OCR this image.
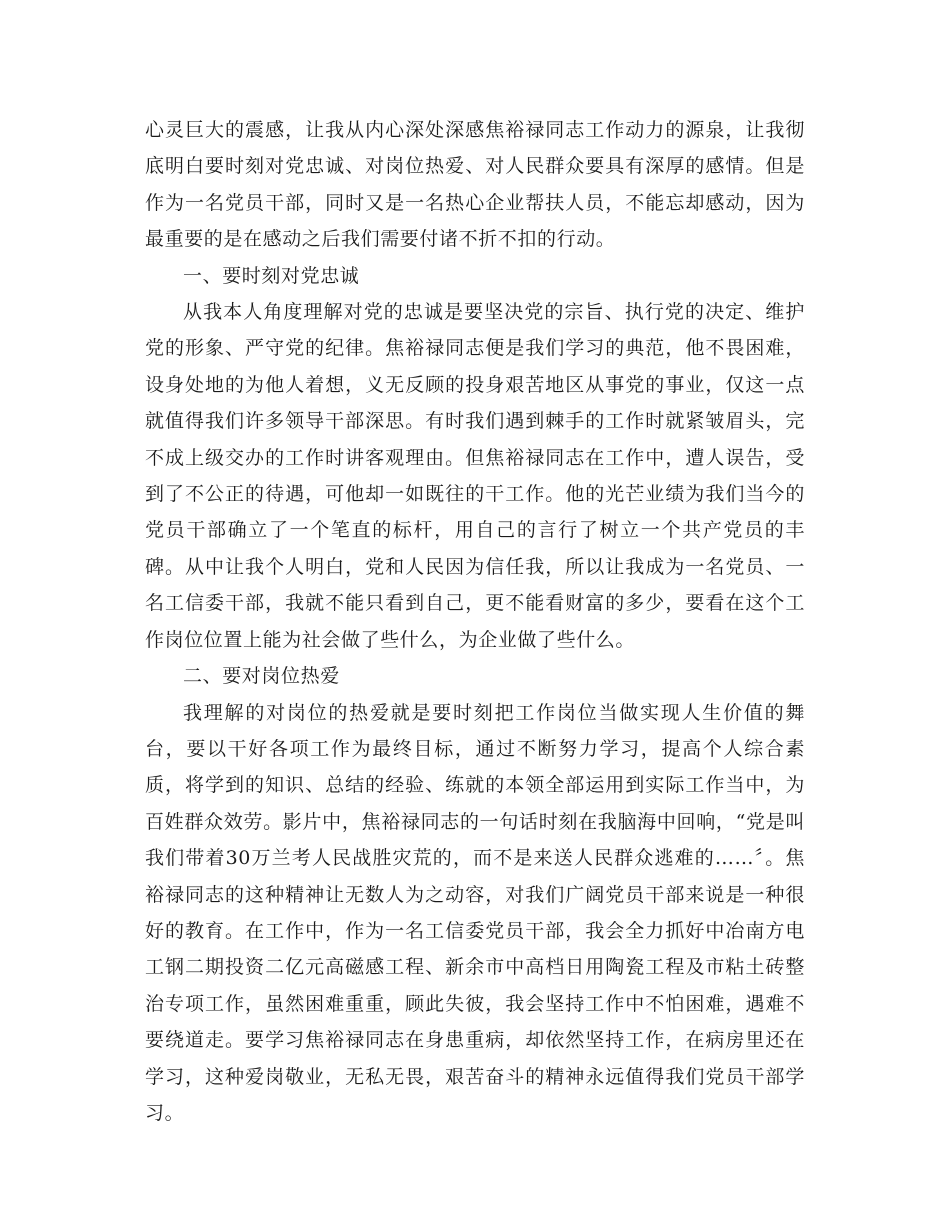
心灵巨大的震感，让我从内心深处深感焦裕禄同志工作动力的源泉，让我彻底明白要时刻对党忠诚、对岗位热爱、对人民群众要具有深厚的感情。但是作为一名党员干部，同时又是一名热心企业帮扶人员，不能忘却感动，因为最重要的是在感动之后我们需要付诸不折不扣的行动。

一、要时刻对党忠诚

从我本人角度理解对党的忠诚是要坚决党的宗旨、执行党的决定、维护党的形象、严守党的纪律。焦裕禄同志便是我们学习的典范，他不畏困难，设身处地的为他人着想，义无反顾的投身艰苦地区从事党的事业，仅这一点就值得我们许多领导干部深思。有时我们遇到棘手的工作时就紧皱眉头，完不成上级交办的工作时讲客观理由。但焦裕禄同志在工作中，遭人误告，受到了不公正的待遇，可他却一如既往的干工作。他的光芒业绩为我们当今的党员干部确立了一个笔直的标杆，用自己的言行了树立一个共产党员的丰碑。从中让我个人明白，党和人民因为信任我，所以让我成为一名党员、一名工信委干部，我就不能只看到自己，更不能看财富的多少，要看在这个工作岗位位置上能为社会做了些什么，为企业做了些什么。

二、要对岗位热爱

我理解的对岗位的热爱就是要时刻把工作岗位当做实现人生价值的舞台，要以干好各项工作为最终目标，通过不断努力学习，提高个人综合素质，将学到的知识、总结的经验、练就的本领全部运用到实际工作当中，为百姓群众效劳。影片中，焦裕禄同志的一句话时刻在我脑海中回响，“党是叫我们带着30万兰考人民战胜灾荒的，而不是来送人民群众逃难的……〞。焦裕禄同志的这种精神让无数人为之动容，对我们广阔党员干部来说是一种很好的教育。在工作中，作为一名工信委党员干部，我会全力抓好中冶南方电工钢二期投资二亿元高磁感工程、新余市中高档日用陶瓷工程及市粘土砖整治专项工作，虽然困难重重，顾此失彼，我会坚持工作中不怕困难，遇难不要绕道走。要学习焦裕禄同志在身患重病，却依然坚持工作，在病房里还在学习，这种爱岗敬业，无私无畏，艰苦奋斗的精神永远值得我们党员干部学习。
